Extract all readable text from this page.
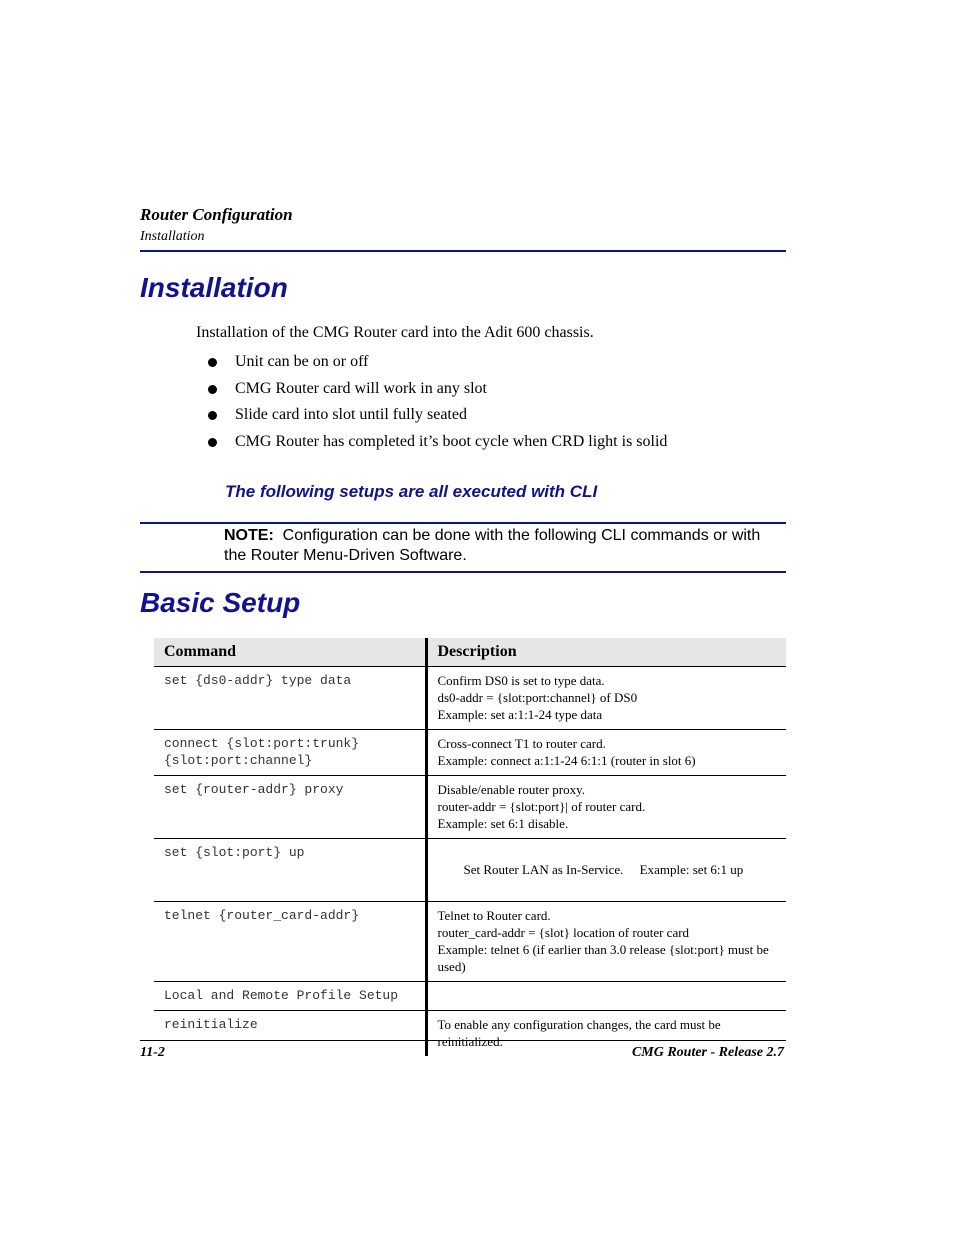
Router Configuration
Installation
Installation
Installation of the CMG Router card into the Adit 600 chassis.
Unit can be on or off
CMG Router card will work in any slot
Slide card into slot until fully seated
CMG Router has completed it’s boot cycle when CRD light is solid
The following setups are all executed with CLI
NOTE: Configuration can be done with the following CLI commands or with the Router Menu-Driven Software.
Basic Setup
Command	Description
set {ds0-addr} type data	Confirm DS0 is set to type data.
ds0-addr = {slot:port:channel} of DS0
Example: set a:1:1-24 type data

connect {slot:port:trunk}
{slot:port:channel}	Cross-connect T1 to router card.
Example: connect a:1:1-24 6:1:1 (router in slot 6)

set {router-addr} proxy	Disable/enable router proxy.
router-addr = {slot:port}| of router card.
Example: set 6:1 disable.

set {slot:port} up	Set Router LAN as In-Service.     Example: set 6:1 up

telnet {router_card-addr}	Telnet to Router card.
router_card-addr = {slot} location of router card
Example: telnet 6 (if earlier than 3.0 release {slot:port} must be used)

Local and Remote Profile Setup	
reinitialize	To enable any configuration changes, the card must be reinitialized.
11-2	CMG Router - Release 2.7
